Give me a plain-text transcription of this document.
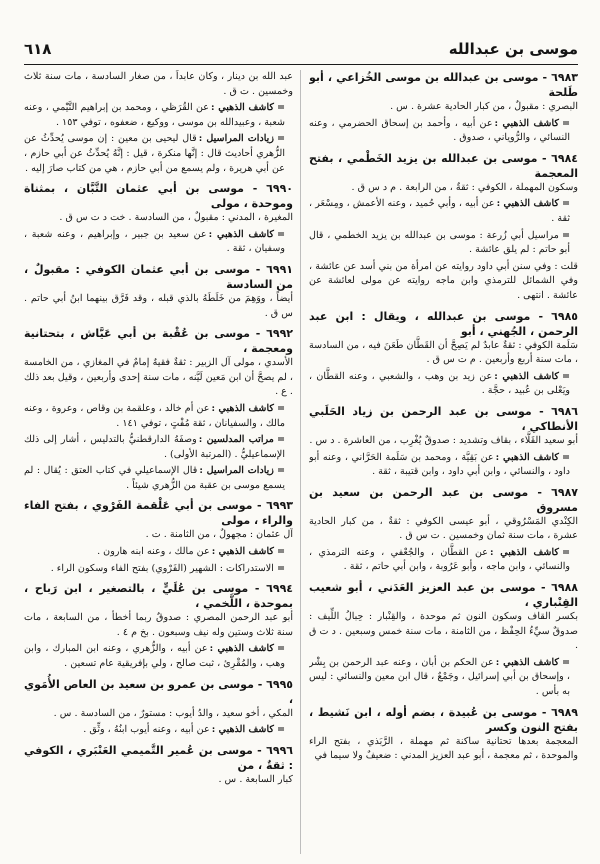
موسى بن عبدالله
٦١٨
٦٩٨٣ - موسى بن عبدالله بن موسى الخُزاعي ، أبو طَلحة
البصري : مقبولٌ ، من كبار الحادية عشرة . س .
=كاشف الذهبي :عن أبيه ، وأحمد بن إسحاق الحضرمي ، وعنه النسائي ، والرُّوياني ، صدوق .
٦٩٨٤ - موسى بن عبدالله بن يزيد الخَطْمي ، بفتح المعجمة
وسكون المهملة ، الكوفي : ثقةٌ ، من الرابعة . م د س ق .
=كاشف الذهبي :عن أبيه ، وأبي حُميد ، وعنه الأعمش ، ومِسْعَر ، ثقة .
=مراسيل أبي زُرعة : موسى بن عبدالله بن يزيد الخطمي ، قال أبو حاتم : لم يلق عائشة .
قلت : وفي سنن أبي داود روايته عن امرأة من بني أسد عن عائشة ، وفي الشمائل للترمذي وابن ماجه روايته عن مولى لعائشة عن عائشة . انتهى .
٦٩٨٥ - موسى بن عبدالله ، ويقال : ابن عبد الرحمن ، الجُهني ، أبو
سَلَمة الكوفي : ثقةٌ عابدٌ لم يَصِحَّ أن القَطَّان طَعَنَ فيه ، من السادسة ، مات سنة أربع وأربعين . م ت س ق .
=كاشف الذهبي :عن زيد بن وهب ، والشعبي ، وعنه القطَّان ، ويَعْلى بن عُبيد ، حجَّة .
٦٩٨٦ - موسى بن عبد الرحمن بن زياد الحَلَبي الأنطاكي ،
أبو سعيد القَلَّاء ، بقاف وتشديد : صدوقٌ يُغْرِب ، من العاشرة . د س .
=كاشف الذهبي :عن بَقِيَّة ، ومحمد بن سَلَمة الحَرَّاني ، وعنه أبو داود ، والنسائي ، وابن أبي داود ، وابن قتيبة ، ثقة .
٦٩٨٧ - موسى بن عبد الرحمن بن سعيد بن مسروق
الكِنْدي المَسْرُوقي ، أبو عيسى الكوفي : ثقةٌ ، من كبار الحادية عشرة ، مات سنة ثمان وخمسين . ت س ق .
=كاشف الذهبي :عن القطَّان ، والجُعْفي ، وعنه الترمذي ، والنسائي ، وابن ماجه ، وأبو عَرُوبة ، وابن أبي حاتم ، ثقة .
٦٩٨٨ - موسى بن عبد العزيز العَدَني ، أبو شعيب القِنْباري ،
بكسر القاف وسكون النون ثم موحدة ، والقِنْبار : حِبالُ اللِّيف : صدوقٌ سيِّءُ الحِفْظ ، من الثامنة ، مات سنة خمس وسبعين . د ت ق .
=كاشف الذهبي :عن الحكم بن أبان ، وعنه عبد الرحمن بن بِشْر ، وإسحاق بن أبي إسرائيل ، وجَمْعٌ ، قال ابن معين والنسائي : ليس به بأس .
٦٩٨٩ - موسى بن عُبيدة ، بضم أوله ، ابن نَشيط ، بفتح النون وكسر
المعجمة بعدها تحتانية ساكنة ثم مهملة ، الرَّبَذي ، بفتح الراء والموحدة ، ثم معجمة ، أبو عبد العزيز المدني : ضعيفٌ ولا سيما في
عبد الله بن دينار ، وكان عابداً ، من صغار السادسة ، مات سنة ثلاث وخمسين . ت ق .
=كاشف الذهبي :عن القُرَظي ، ومحمد بن إبراهيم التَّيْمي ، وعنه شعبة ، وعبيدالله بن موسى ، ووكيع ، ضعفوه ، توفي ١٥٣ .
=زيادات المراسيل :قال ليحيى بن معين : إن موسى يُحدِّثُ عن الزُّهري أحاديث قال : إنَّها منكرة ، قيل : إنَّهُ يُحدِّثُ عن أبي حازم ، عن أبي هريرة ، ولم يسمع من أبي حازم ، هي من كتاب صارَ إليه .
٦٩٩٠ - موسى بن أبي عثمان التَّبَّان ، بمثناة وموحدة ، مولى
المغيرة ، المدني : مقبولٌ ، من السادسة . خت د ت س ق .
=كاشف الذهبي :عن سعيد بن جبير ، وإبراهيم ، وعنه شعبة ، وسفيان ، ثقة .
٦٩٩١ - موسى بن أبي عثمان الكوفي : مقبولٌ ، من السادسة
أيضاً ، ووَهِمَ من خَلَطَهُ بالذي قبله ، وقد فَرَّق بينهما ابنُ أبي حاتم . س ق .
٦٩٩٢ - موسى بن عُقْبة بن أبي عَيَّاش ، بتحتانية ومعجمة ،
الأسدي ، مولى آل الزبير : ثقةٌ فقيهٌ إمامٌ في المغازي ، من الخامسة ، لم يصحَّ أن ابن مَعين لَيَّنه ، مات سنة إحدى وأربعين ، وقيل بعد ذلك . ع .
=كاشف الذهبي :عن أم خالد ، وعلقمة بن وقاص ، وعروة ، وعنه مالك ، والسفيانان ، ثقة مُفْتٍ ، توفي ١٤١ .
=مراتب المدلسين :وصفَهُ الدارقطنيُّ بالتدليس ، أشار إلى ذلك الإسماعيليُّ . (المرتبة الأولى) .
=زيادات المراسيل :قال الإسماعيلي في كتاب العتق : يُقال : لم يسمع موسى بن عقبة من الزُّهري شيئاً .
٦٩٩٣ - موسى بن أبي عَلْقمة الفَرْوي ، بفتح الفاء والراء ، مولى
آل عثمان : مجهولٌ ، من الثامنة . ت .
=كاشف الذهبي :عن مالك ، وعنه ابنه هارون .
=الاستدراكات : الشهير (الفَرْوي) بفتح الفاء وسكون الراء .
٦٩٩٤ - موسى بن عُلَيٍّ ، بالتصغير ، ابن رَباح ، بموحدة ، اللَّخمي ،
أبو عبد الرحمن المصري : صدوقٌ ربما أخطأ ، من السابعة ، مات سنة ثلاث وستين وله نيف وسبعون . بخ م ٤ .
=كاشف الذهبي :عن أبيه ، والزُّهري ، وعنه ابن المبارك ، وابن وهب ، والمُقْرِئ ، ثبت صالح ، ولي بإفريقية عام تسعين .
٦٩٩٥ - موسى بن عمرو بن سعيد بن العاص الأُمَوي ،
المكي ، أخو سعيد ، والدُ أيوب : مستورٌ ، من السادسة . س .
=كاشف الذهبي :عن أبيه ، وعنه أيوب ابنُهُ ، وثِّق .
٦٩٩٦ - موسى بن عُمير التَّميمي العَنْبَري ، الكوفي : ثقةٌ ، من
كبار السابعة . س .
